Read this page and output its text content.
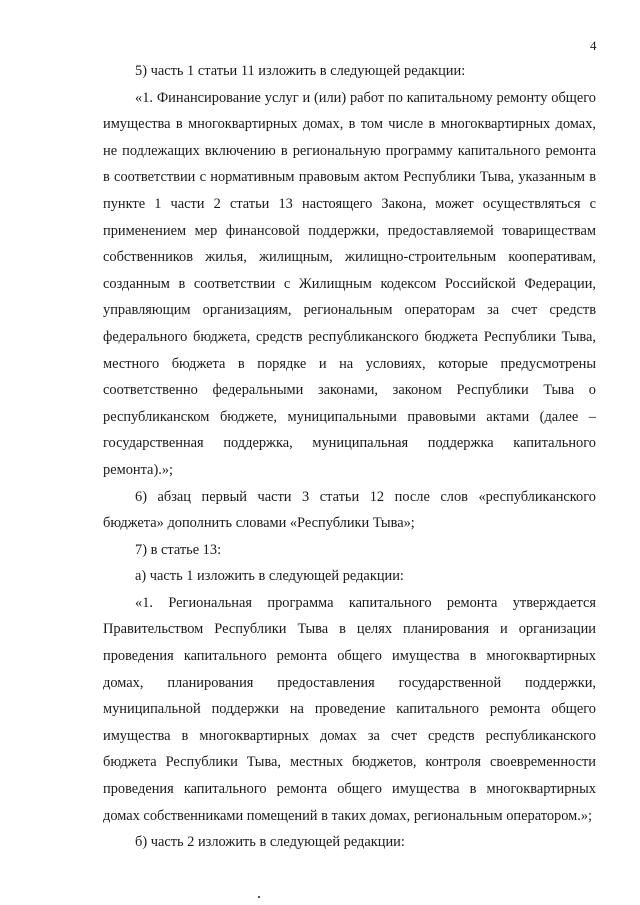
4

5) часть 1 статьи 11 изложить в следующей редакции:

«1. Финансирование услуг и (или) работ по капитальному ремонту общего имущества в многоквартирных домах, в том числе в многоквартирных домах, не подлежащих включению в региональную программу капитального ремонта в соответствии с нормативным правовым актом Республики Тыва, указанным в пункте 1 части 2 статьи 13 настоящего Закона, может осуществляться с применением мер финансовой поддержки, предоставляемой товариществам собственников жилья, жилищным, жилищно-строительным кооперативам, созданным в соответствии с Жилищным кодексом Российской Федерации, управляющим организациям, региональным операторам за счет средств федерального бюджета, средств республиканского бюджета Республики Тыва, местного бюджета в порядке и на условиях, которые предусмотрены соответственно федеральными законами, законом Республики Тыва о республиканском бюджете, муниципальными правовыми актами (далее – государственная поддержка, муниципальная поддержка капитального ремонта).»;

6) абзац первый части 3 статьи 12 после слов «республиканского бюджета» дополнить словами «Республики Тыва»;

7) в статье 13:

а) часть 1 изложить в следующей редакции:

«1. Региональная программа капитального ремонта утверждается Правительством Республики Тыва в целях планирования и организации проведения капитального ремонта общего имущества в многоквартирных домах, планирования предоставления государственной поддержки, муниципальной поддержки на проведение капитального ремонта общего имущества в многоквартирных домах за счет средств республиканского бюджета Республики Тыва, местных бюджетов, контроля своевременности проведения капитального ремонта общего имущества в многоквартирных домах собственниками помещений в таких домах, региональным оператором.»;

б) часть 2 изложить в следующей редакции:
